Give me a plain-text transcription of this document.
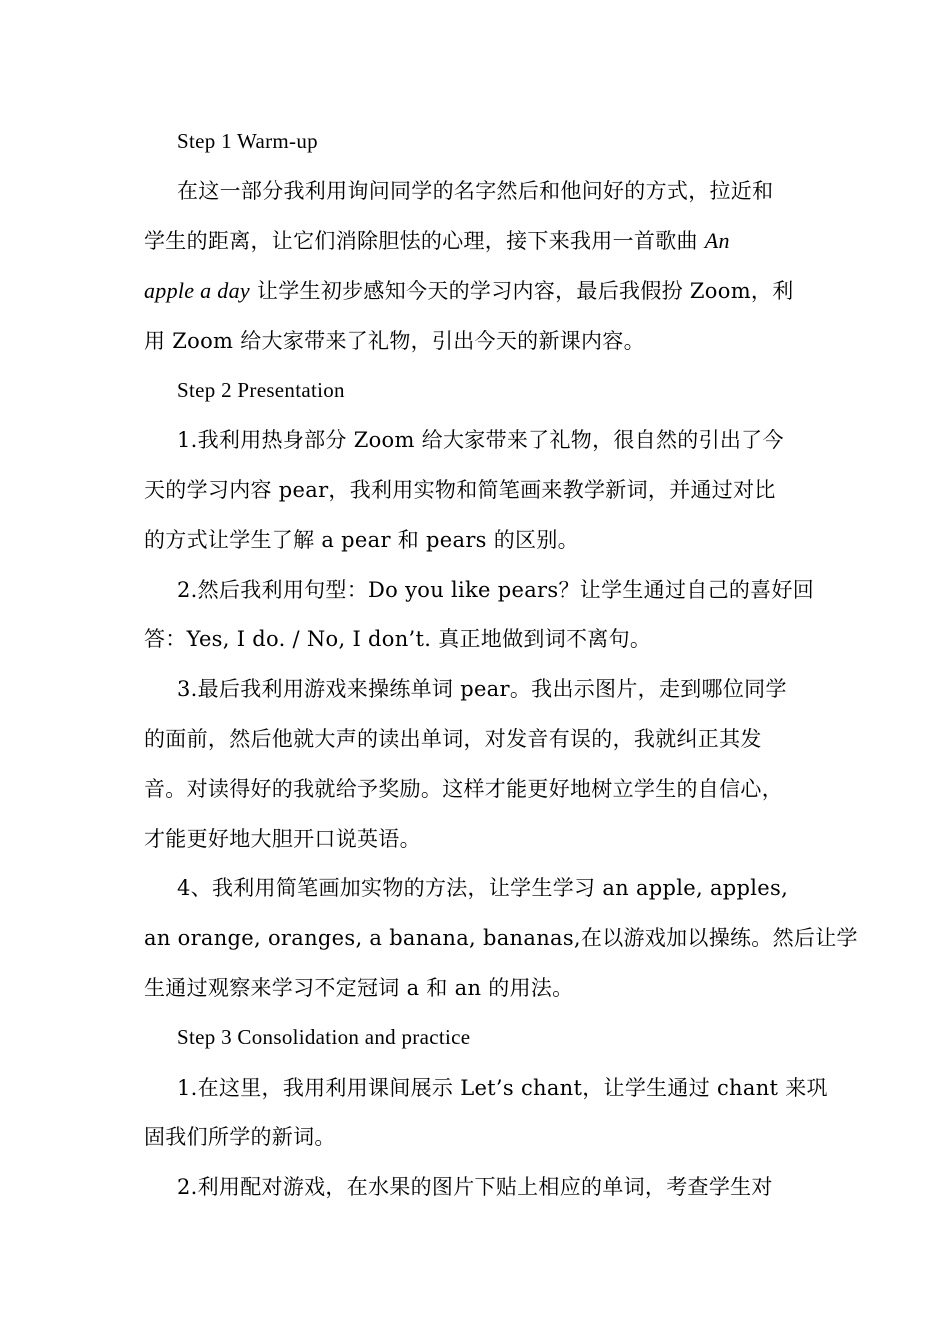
Step 1 Warm-up
在这一部分我利用询问同学的名字然后和他问好的方式，拉近和
学生的距离，让它们消除胆怯的心理，接下来我用一首歌曲 An
apple a day 让学生初步感知今天的学习内容，最后我假扮 Zoom，利
用 Zoom 给大家带来了礼物，引出今天的新课内容。
Step 2 Presentation
1.我利用热身部分 Zoom 给大家带来了礼物，很自然的引出了今
天的学习内容 pear，我利用实物和简笔画来教学新词，并通过对比
的方式让学生了解 a pear 和 pears 的区别。
2.然后我利用句型：Do you like pears？让学生通过自己的喜好回
答：Yes, I do. / No, I don’t. 真正地做到词不离句。
3.最后我利用游戏来操练单词 pear。我出示图片，走到哪位同学
的面前，然后他就大声的读出单词，对发音有误的，我就纠正其发
音。对读得好的我就给予奖励。这样才能更好地树立学生的自信心，
才能更好地大胆开口说英语。
4、我利用简笔画加实物的方法，让学生学习 an apple, apples,
an orange, oranges, a banana, bananas,在以游戏加以操练。然后让学
生通过观察来学习不定冠词 a 和 an 的用法。
Step 3 Consolidation and practice
1.在这里，我用利用课间展示 Let’s chant，让学生通过 chant 来巩
固我们所学的新词。
2.利用配对游戏，在水果的图片下贴上相应的单词，考查学生对
